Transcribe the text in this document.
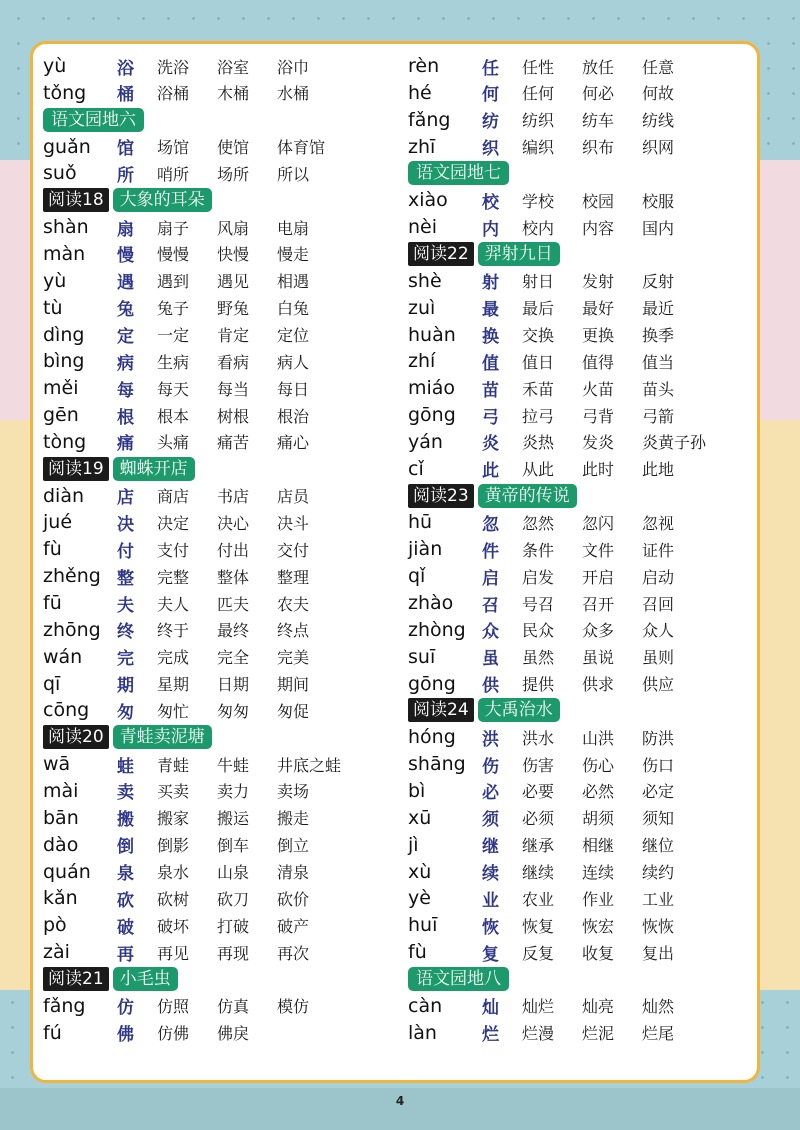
yù	浴	洗浴	浴室	浴巾
tǒng	桶	浴桶	木桶	水桶
语文园地六
guǎn	馆	场馆	使馆	体育馆
suǒ	所	哨所	场所	所以
阅读18 大象的耳朵
shàn	扇	扇子	风扇	电扇
màn	慢	慢慢	快慢	慢走
yù	遇	遇到	遇见	相遇
tù	兔	兔子	野兔	白兔
dìng	定	一定	肯定	定位
bìng	病	生病	看病	病人
měi	每	每天	每当	每日
gēn	根	根本	树根	根治
tòng	痛	头痛	痛苦	痛心
阅读19 蜘蛛开店
diàn	店	商店	书店	店员
jué	决	决定	决心	决斗
fù	付	支付	付出	交付
zhěng 整	完整	整体	整理
fū	夫	夫人	匹夫	农夫
zhōng 终	终于	最终	终点
wán	完	完成	完全	完美
qī	期	星期	日期	期间
cōng	匆	匆忙	匆匆	匆促
阅读20 青蛙卖泥塘
wā	蛙	青蛙	牛蛙	井底之蛙
mài	卖	买卖	卖力	卖场
bān	搬	搬家	搬运	搬走
dào	倒	倒影	倒车	倒立
quán	泉	泉水	山泉	清泉
kǎn	砍	砍树	砍刀	砍价
pò	破	破坏	打破	破产
zài	再	再见	再现	再次
阅读21 小毛虫
fǎng	仿	仿照	仿真	模仿
fú	佛	仿佛	佛戾
rèn	任	任性	放任	任意
hé	何	任何	何必	何故
fǎng	纺	纺织	纺车	纺线
zhī	织	编织	织布	织网
语文园地七
xiào	校	学校	校园	校服
nèi	内	校内	内容	国内
阅读22 羿射九日
shè	射	射日	发射	反射
zuì	最	最后	最好	最近
huàn	换	交换	更换	换季
zhí	值	值日	值得	值当
miáo	苗	禾苗	火苗	苗头
gōng	弓	拉弓	弓背	弓箭
yán	炎	炎热	发炎	炎黄子孙
cǐ	此	从此	此时	此地
阅读23 黄帝的传说
hū	忽	忽然	忽闪	忽视
jiàn	件	条件	文件	证件
qǐ	启	启发	开启	启动
zhào	召	号召	召开	召回
zhòng 众	民众	众多	众人
suī	虽	虽然	虽说	虽则
gōng	供	提供	供求	供应
阅读24 大禹治水
hóng	洪	洪水	山洪	防洪
shāng 伤	伤害	伤心	伤口
bì	必	必要	必然	必定
xū	须	必须	胡须	须知
jì	继	继承	相继	继位
xù	续	继续	连续	续约
yè	业	农业	作业	工业
huī	恢	恢复	恢宏	恢恢
fù	复	反复	收复	复出
语文园地八
càn	灿	灿烂	灿亮	灿然
làn	烂	烂漫	烂泥	烂尾
4
